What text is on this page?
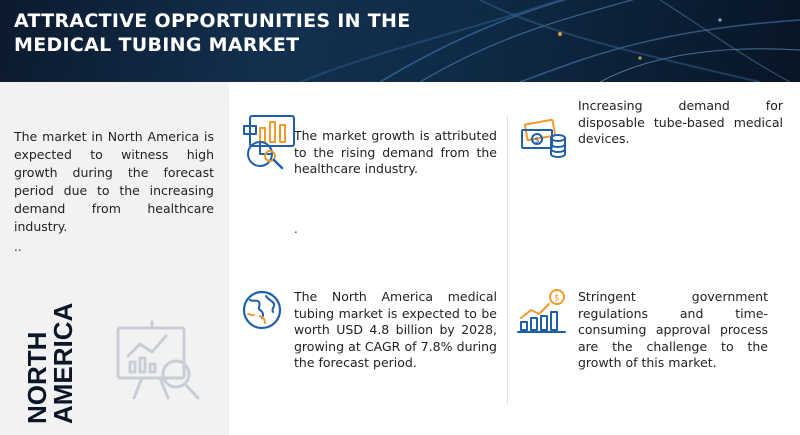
ATTRACTIVE OPPORTUNITIES IN THE MEDICAL TUBING MARKET
The market in North America is expected to witness high growth during the forecast period due to the increasing demand from healthcare industry.
..
NORTH
AMERICA
The market growth is attributed to the rising demand from the healthcare industry.
.
$
Increasing demand for disposable tube-based medical devices.
The North America medical tubing market is expected to be worth USD 4.8 billion by 2028, growing at CAGR of 7.8% during the forecast period.
$ Stringent government regulations and time-consuming approval process are the challenge to the growth of this market.
